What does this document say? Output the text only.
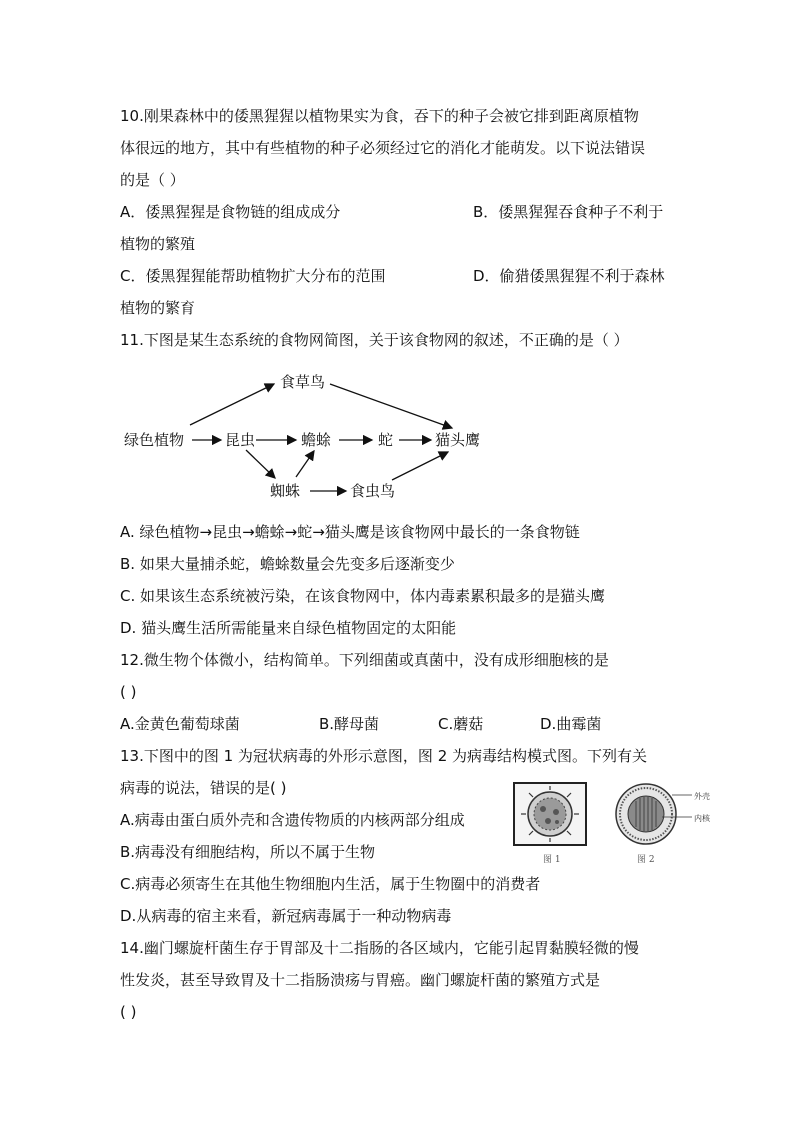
10.刚果森林中的倭黑猩猩以植物果实为食，吞下的种子会被它排到距离原植物
体很远的地方，其中有些植物的种子必须经过它的消化才能萌发。以下说法错误
的是（ ）
A．倭黑猩猩是食物链的组成成分	B．倭黑猩猩吞食种子不利于
植物的繁殖
C．倭黑猩猩能帮助植物扩大分布的范围	D．偷猎倭黑猩猩不利于森林
植物的繁育
11.下图是某生态系统的食物网简图，关于该食物网的叙述，不正确的是（ ）
食草鸟
绿色植物	昆虫	蟾蜍	蛇	猫头鹰
蜘蛛	食虫鸟
A. 绿色植物→昆虫→蟾蜍→蛇→猫头鹰是该食物网中最长的一条食物链
B. 如果大量捕杀蛇，蟾蜍数量会先变多后逐渐变少
C. 如果该生态系统被污染，在该食物网中，体内毒素累积最多的是猫头鹰
D. 猫头鹰生活所需能量来自绿色植物固定的太阳能
12.微生物个体微小，结构简单。下列细菌或真菌中，没有成形细胞核的是
( )
A.金黄色葡萄球菌	B.酵母菌	C.蘑菇	D.曲霉菌
13.下图中的图 1 为冠状病毒的外形示意图，图 2 为病毒结构模式图。下列有关
病毒的说法，错误的是( )
A.病毒由蛋白质外壳和含遗传物质的内核两部分组成
B.病毒没有细胞结构，所以不属于生物
C.病毒必须寄生在其他生物细胞内生活，属于生物圈中的消费者
D.从病毒的宿主来看，新冠病毒属于一种动物病毒
图 1
外壳
内核
图 2
14.幽门螺旋杆菌生存于胃部及十二指肠的各区域内，它能引起胃黏膜轻微的慢
性发炎，甚至导致胃及十二指肠溃疡与胃癌。幽门螺旋杆菌的繁殖方式是
( )
